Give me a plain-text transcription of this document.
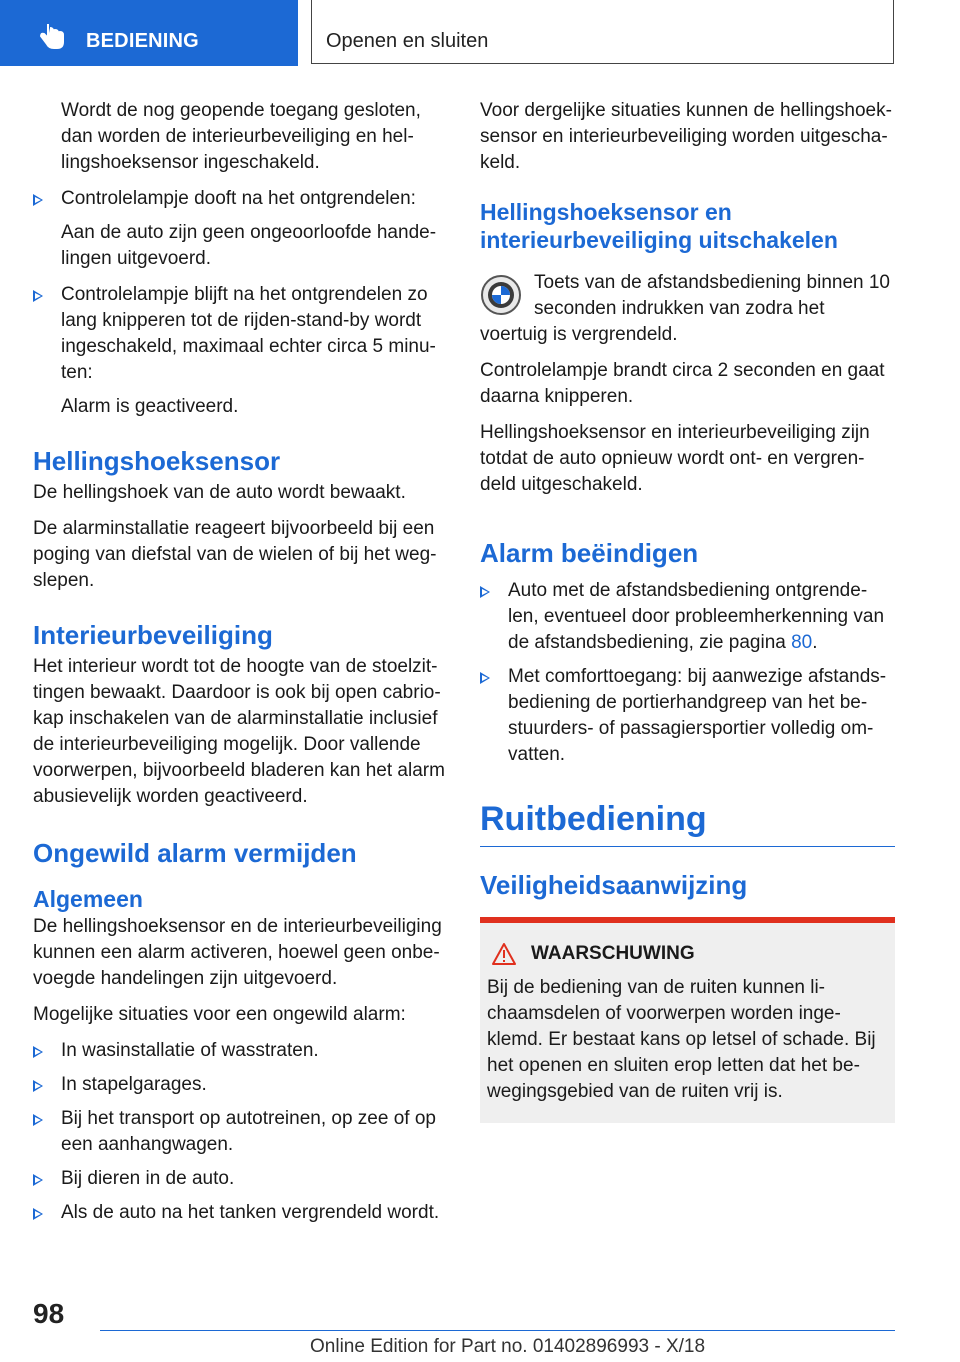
BEDIENING	Openen en sluiten

Wordt de nog geopende toegang gesloten, dan worden de interieurbeveiliging en hel-lingshoeksensor ingeschakeld.

Controlelampje dooft na het ontgrendelen:

Aan de auto zijn geen ongeoorloofde hande-lingen uitgevoerd.

Controlelampje blijft na het ontgrendelen zo lang knipperen tot de rijden-stand-by wordt ingeschakeld, maximaal echter circa 5 minu-ten:

Alarm is geactiveerd.

Hellingshoeksensor

De hellingshoek van de auto wordt bewaakt.

De alarminstallatie reageert bijvoorbeeld bij een poging van diefstal van de wielen of bij het weg-slepen.

Interieurbeveiliging

Het interieur wordt tot de hoogte van de stoelzit-tingen bewaakt. Daardoor is ook bij open cabrio-kap inschakelen van de alarminstallatie inclusief de interieurbeveiliging mogelijk. Door vallende voorwerpen, bijvoorbeeld bladeren kan het alarm abusievelijk worden geactiveerd.

Ongewild alarm vermijden
Algemeen

De hellingshoeksensor en de interieurbeveiliging kunnen een alarm activeren, hoewel geen onbe-voegde handelingen zijn uitgevoerd.

Mogelijke situaties voor een ongewild alarm:

In wasinstallatie of wasstraten.
In stapelgarages.
Bij het transport op autotreinen, op zee of op een aanhangwagen.
Bij dieren in de auto.
Als de auto na het tanken vergrendeld wordt.

Voor dergelijke situaties kunnen de hellingshoek-sensor en interieurbeveiliging worden uitgescha-keld.

Hellingshoeksensor en interieurbeveiliging uitschakelen

Toets van de afstandsbediening binnen 10 seconden indrukken van zodra het voertuig is vergrendeld.

Controlelampje brandt circa 2 seconden en gaat daarna knipperen.

Hellingshoeksensor en interieurbeveiliging zijn totdat de auto opnieuw wordt ont- en vergren-deld uitgeschakeld.

Alarm beëindigen
Auto met de afstandsbediening ontgrende-len, eventueel door probleemherkenning van de afstandsbediening, zie pagina 80.
Met comforttoegang: bij aanwezige afstands-bediening de portierhandgreep van het be-stuurders- of passagiersportier volledig om-vatten.
Ruitbediening
Veiligheidsaanwijzing
WAARSCHUWING
Bij de bediening van de ruiten kunnen li-chaamsdelen of voorwerpen worden inge-klemd. Er bestaat kans op letsel of schade. Bij het openen en sluiten erop letten dat het be-wegingsgebied van de ruiten vrij is.
98
Online Edition for Part no. 01402896993 - X/18
